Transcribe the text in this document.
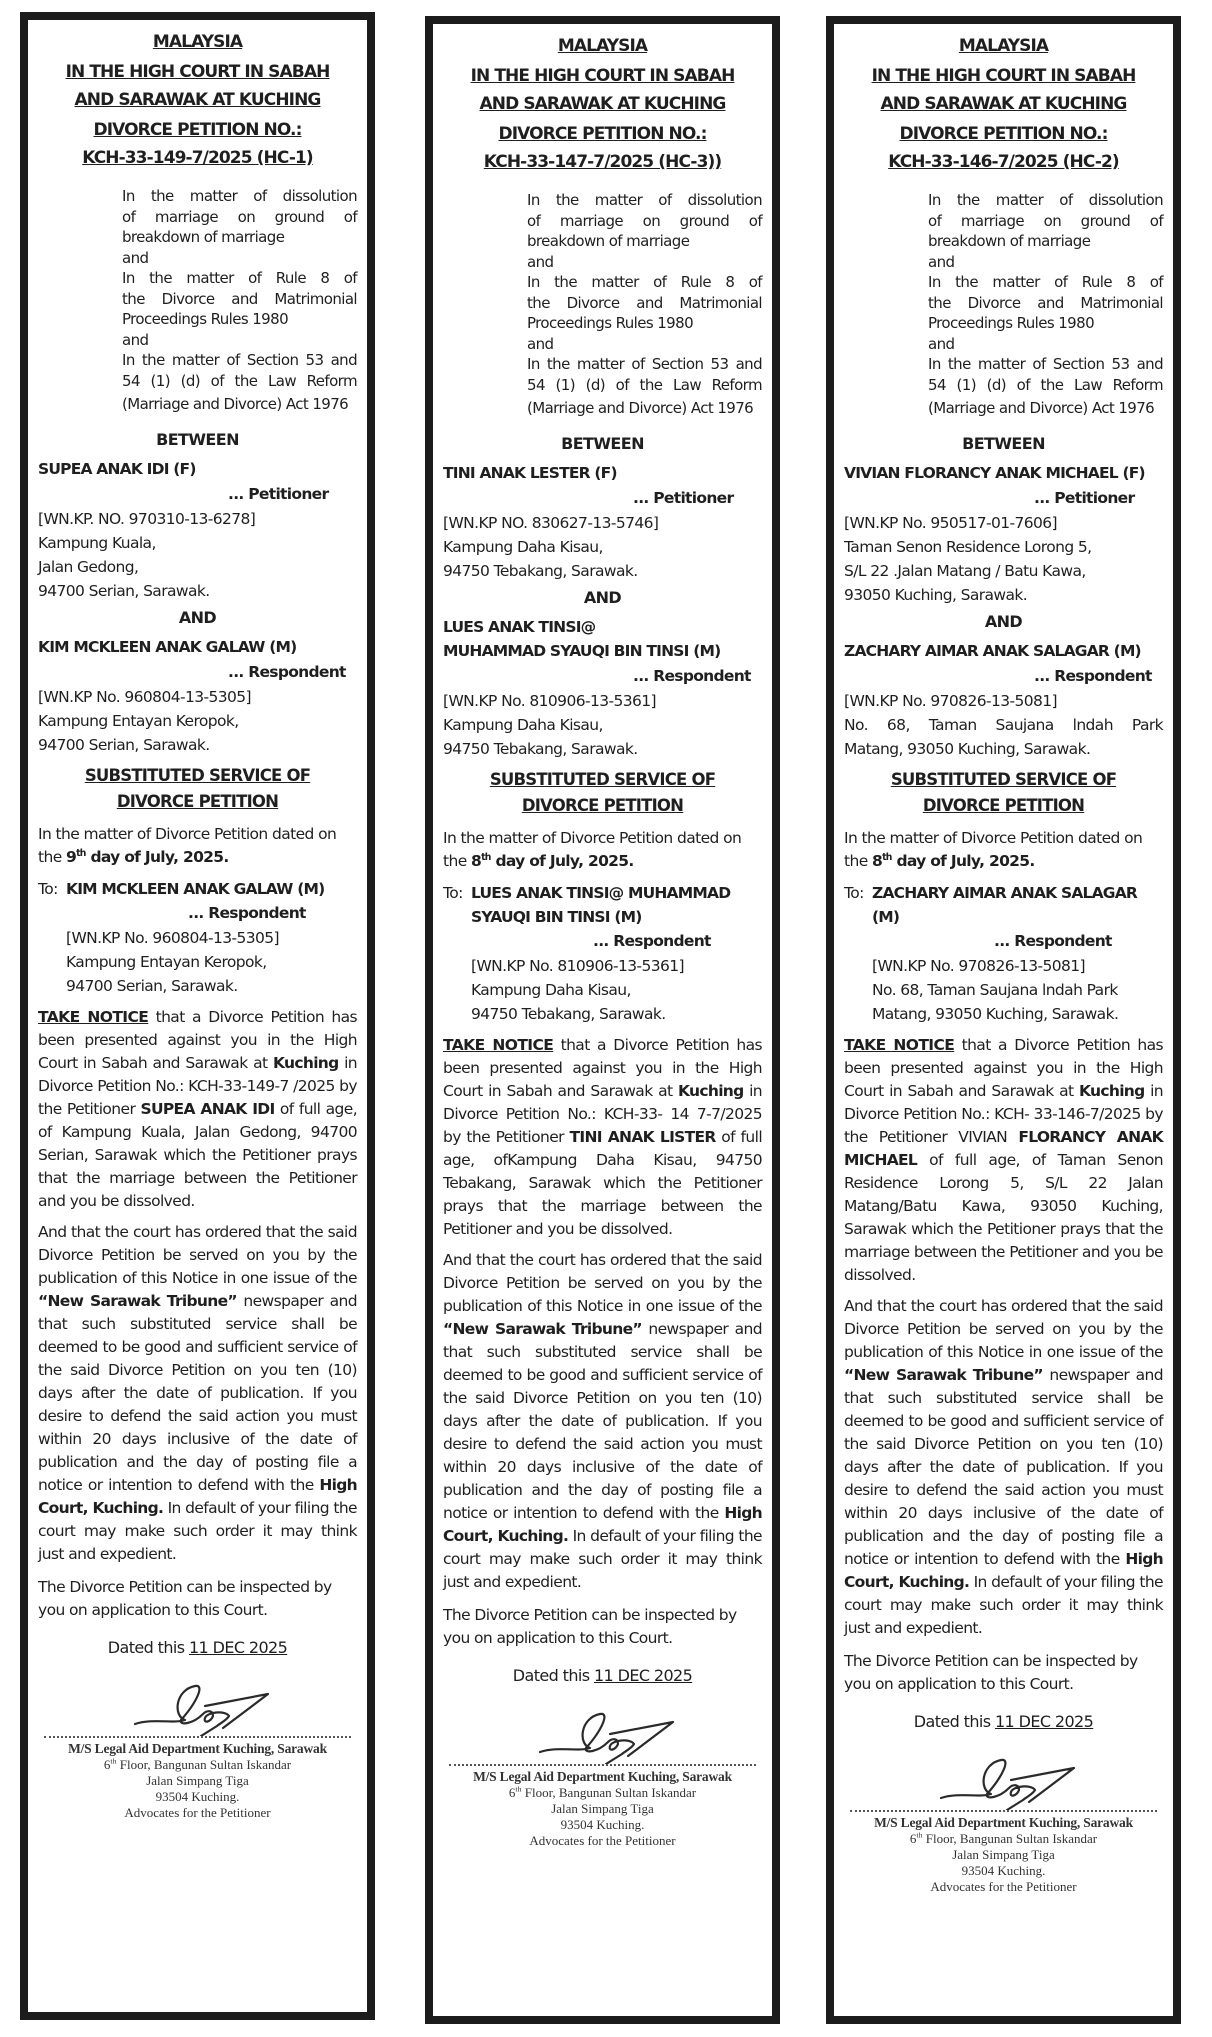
MALAYSIA

IN THE HIGH COURT IN SABAH

AND SARAWAK AT KUCHING

DIVORCE PETITION NO.:

KCH-33-149-7/2025 (HC-1)

In the matter of dissolution
of marriage on ground of
breakdown of marriage
and
In the matter of Rule 8 of
the Divorce and Matrimonial
Proceedings Rules 1980
and
In the matter of Section 53 and
54 (1) (d) of the Law Reform
(Marriage and Divorce) Act 1976
BETWEEN
SUPEA ANAK IDI (F)
... Petitioner
[WN.KP. NO. 970310-13-6278]
Kampung Kuala,
Jalan Gedong,
94700 Serian, Sarawak.
AND
KIM MCKLEEN ANAK GALAW (M)
... Respondent
[WN.KP No. 960804-13-5305]
Kampung Entayan Keropok,
94700 Serian, Sarawak.
SUBSTITUTED SERVICE OF
DIVORCE PETITION
In the matter of Divorce Petition dated on the 9th day of July, 2025.
To: KIM MCKLEEN ANAK GALAW (M)
... Respondent
[WN.KP No. 960804-13-5305]
Kampung Entayan Keropok,
94700 Serian, Sarawak.
TAKE NOTICE that a Divorce Petition has been presented against you in the High Court in Sabah and Sarawak at Kuching in Divorce Petition No.: KCH-33-149-7 /2025 by the Petitioner SUPEA ANAK IDI of full age, of Kampung Kuala, Jalan Gedong, 94700 Serian, Sarawak which the Petitioner prays that the marriage between the Petitioner and you be dissolved.
And that the court has ordered that the said Divorce Petition be served on you by the publication of this Notice in one issue of the “New Sarawak Tribune” newspaper and that such substituted service shall be deemed to be good and sufficient service of the said Divorce Petition on you ten (10) days after the date of publication. If you desire to defend the said action you must within 20 days inclusive of the date of publication and the day of posting file a notice or intention to defend with the High Court, Kuching. In default of your filing the court may make such order it may think just and expedient.
The Divorce Petition can be inspected by you on application to this Court.
Dated this 11 DEC 2025
M/S Legal Aid Department Kuching, Sarawak
6th Floor, Bangunan Sultan Iskandar
Jalan Simpang Tiga
93504 Kuching.
Advocates for the Petitioner

MALAYSIA

IN THE HIGH COURT IN SABAH

AND SARAWAK AT KUCHING

DIVORCE PETITION NO.:

KCH-33-147-7/2025 (HC-3))

In the matter of dissolution
of marriage on ground of
breakdown of marriage
and
In the matter of Rule 8 of
the Divorce and Matrimonial
Proceedings Rules 1980
and
In the matter of Section 53 and
54 (1) (d) of the Law Reform
(Marriage and Divorce) Act 1976
BETWEEN
TINI ANAK LESTER (F)
... Petitioner
[WN.KP NO. 830627-13-5746]
Kampung Daha Kisau,
94750 Tebakang, Sarawak.
AND
LUES ANAK TINSI@
MUHAMMAD SYAUQI BIN TINSI (M)
... Respondent
[WN.KP No. 810906-13-5361]
Kampung Daha Kisau,
94750 Tebakang, Sarawak.
SUBSTITUTED SERVICE OF
DIVORCE PETITION
In the matter of Divorce Petition dated on the 8th day of July, 2025.
To: LUES ANAK TINSI@ MUHAMMAD
SYAUQI BIN TINSI (M)
... Respondent
[WN.KP No. 810906-13-5361]
Kampung Daha Kisau,
94750 Tebakang, Sarawak.
TAKE NOTICE that a Divorce Petition has been presented against you in the High Court in Sabah and Sarawak at Kuching in Divorce Petition No.: KCH-33- 14 7-7/2025 by the Petitioner TINI ANAK LISTER of full age, ofKampung Daha Kisau, 94750 Tebakang, Sarawak which the Petitioner prays that the marriage between the Petitioner and you be dissolved.
And that the court has ordered that the said Divorce Petition be served on you by the publication of this Notice in one issue of the “New Sarawak Tribune” newspaper and that such substituted service shall be deemed to be good and sufficient service of the said Divorce Petition on you ten (10) days after the date of publication. If you desire to defend the said action you must within 20 days inclusive of the date of publication and the day of posting file a notice or intention to defend with the High Court, Kuching. In default of your filing the court may make such order it may think just and expedient.
The Divorce Petition can be inspected by you on application to this Court.
Dated this 11 DEC 2025
M/S Legal Aid Department Kuching, Sarawak
6th Floor, Bangunan Sultan Iskandar
Jalan Simpang Tiga
93504 Kuching.
Advocates for the Petitioner

MALAYSIA

IN THE HIGH COURT IN SABAH

AND SARAWAK AT KUCHING

DIVORCE PETITION NO.:

KCH-33-146-7/2025 (HC-2)

In the matter of dissolution
of marriage on ground of
breakdown of marriage
and
In the matter of Rule 8 of
the Divorce and Matrimonial
Proceedings Rules 1980
and
In the matter of Section 53 and
54 (1) (d) of the Law Reform
(Marriage and Divorce) Act 1976
BETWEEN
VIVIAN FLORANCY ANAK MICHAEL (F)
... Petitioner
[WN.KP No. 950517-01-7606]
Taman Senon Residence Lorong 5,
S/L 22 .Jalan Matang / Batu Kawa,
93050 Kuching, Sarawak.
AND
ZACHARY AIMAR ANAK SALAGAR (M)
... Respondent
[WN.KP No. 970826-13-5081]
No. 68, Taman Saujana lndah Park
Matang, 93050 Kuching, Sarawak.
SUBSTITUTED SERVICE OF
DIVORCE PETITION
In the matter of Divorce Petition dated on the 8th day of July, 2025.
To: ZACHARY AIMAR ANAK SALAGAR (M)
... Respondent
[WN.KP No. 970826-13-5081]
No. 68, Taman Saujana lndah Park
Matang, 93050 Kuching, Sarawak.
TAKE NOTICE that a Divorce Petition has been presented against you in the High Court in Sabah and Sarawak at Kuching in Divorce Petition No.: KCH- 33-146-7/2025 by the Petitioner VIVIAN FLORANCY ANAK MICHAEL of full age, of Taman Senon Residence Lorong 5, S/L 22 Jalan Matang/Batu Kawa, 93050 Kuching, Sarawak which the Petitioner prays that the marriage between the Petitioner and you be dissolved.
And that the court has ordered that the said Divorce Petition be served on you by the publication of this Notice in one issue of the “New Sarawak Tribune” newspaper and that such substituted service shall be deemed to be good and sufficient service of the said Divorce Petition on you ten (10) days after the date of publication. If you desire to defend the said action you must within 20 days inclusive of the date of publication and the day of posting file a notice or intention to defend with the High Court, Kuching. In default of your filing the court may make such order it may think just and expedient.
The Divorce Petition can be inspected by you on application to this Court.
Dated this 11 DEC 2025
M/S Legal Aid Department Kuching, Sarawak
6th Floor, Bangunan Sultan Iskandar
Jalan Simpang Tiga
93504 Kuching.
Advocates for the Petitioner
